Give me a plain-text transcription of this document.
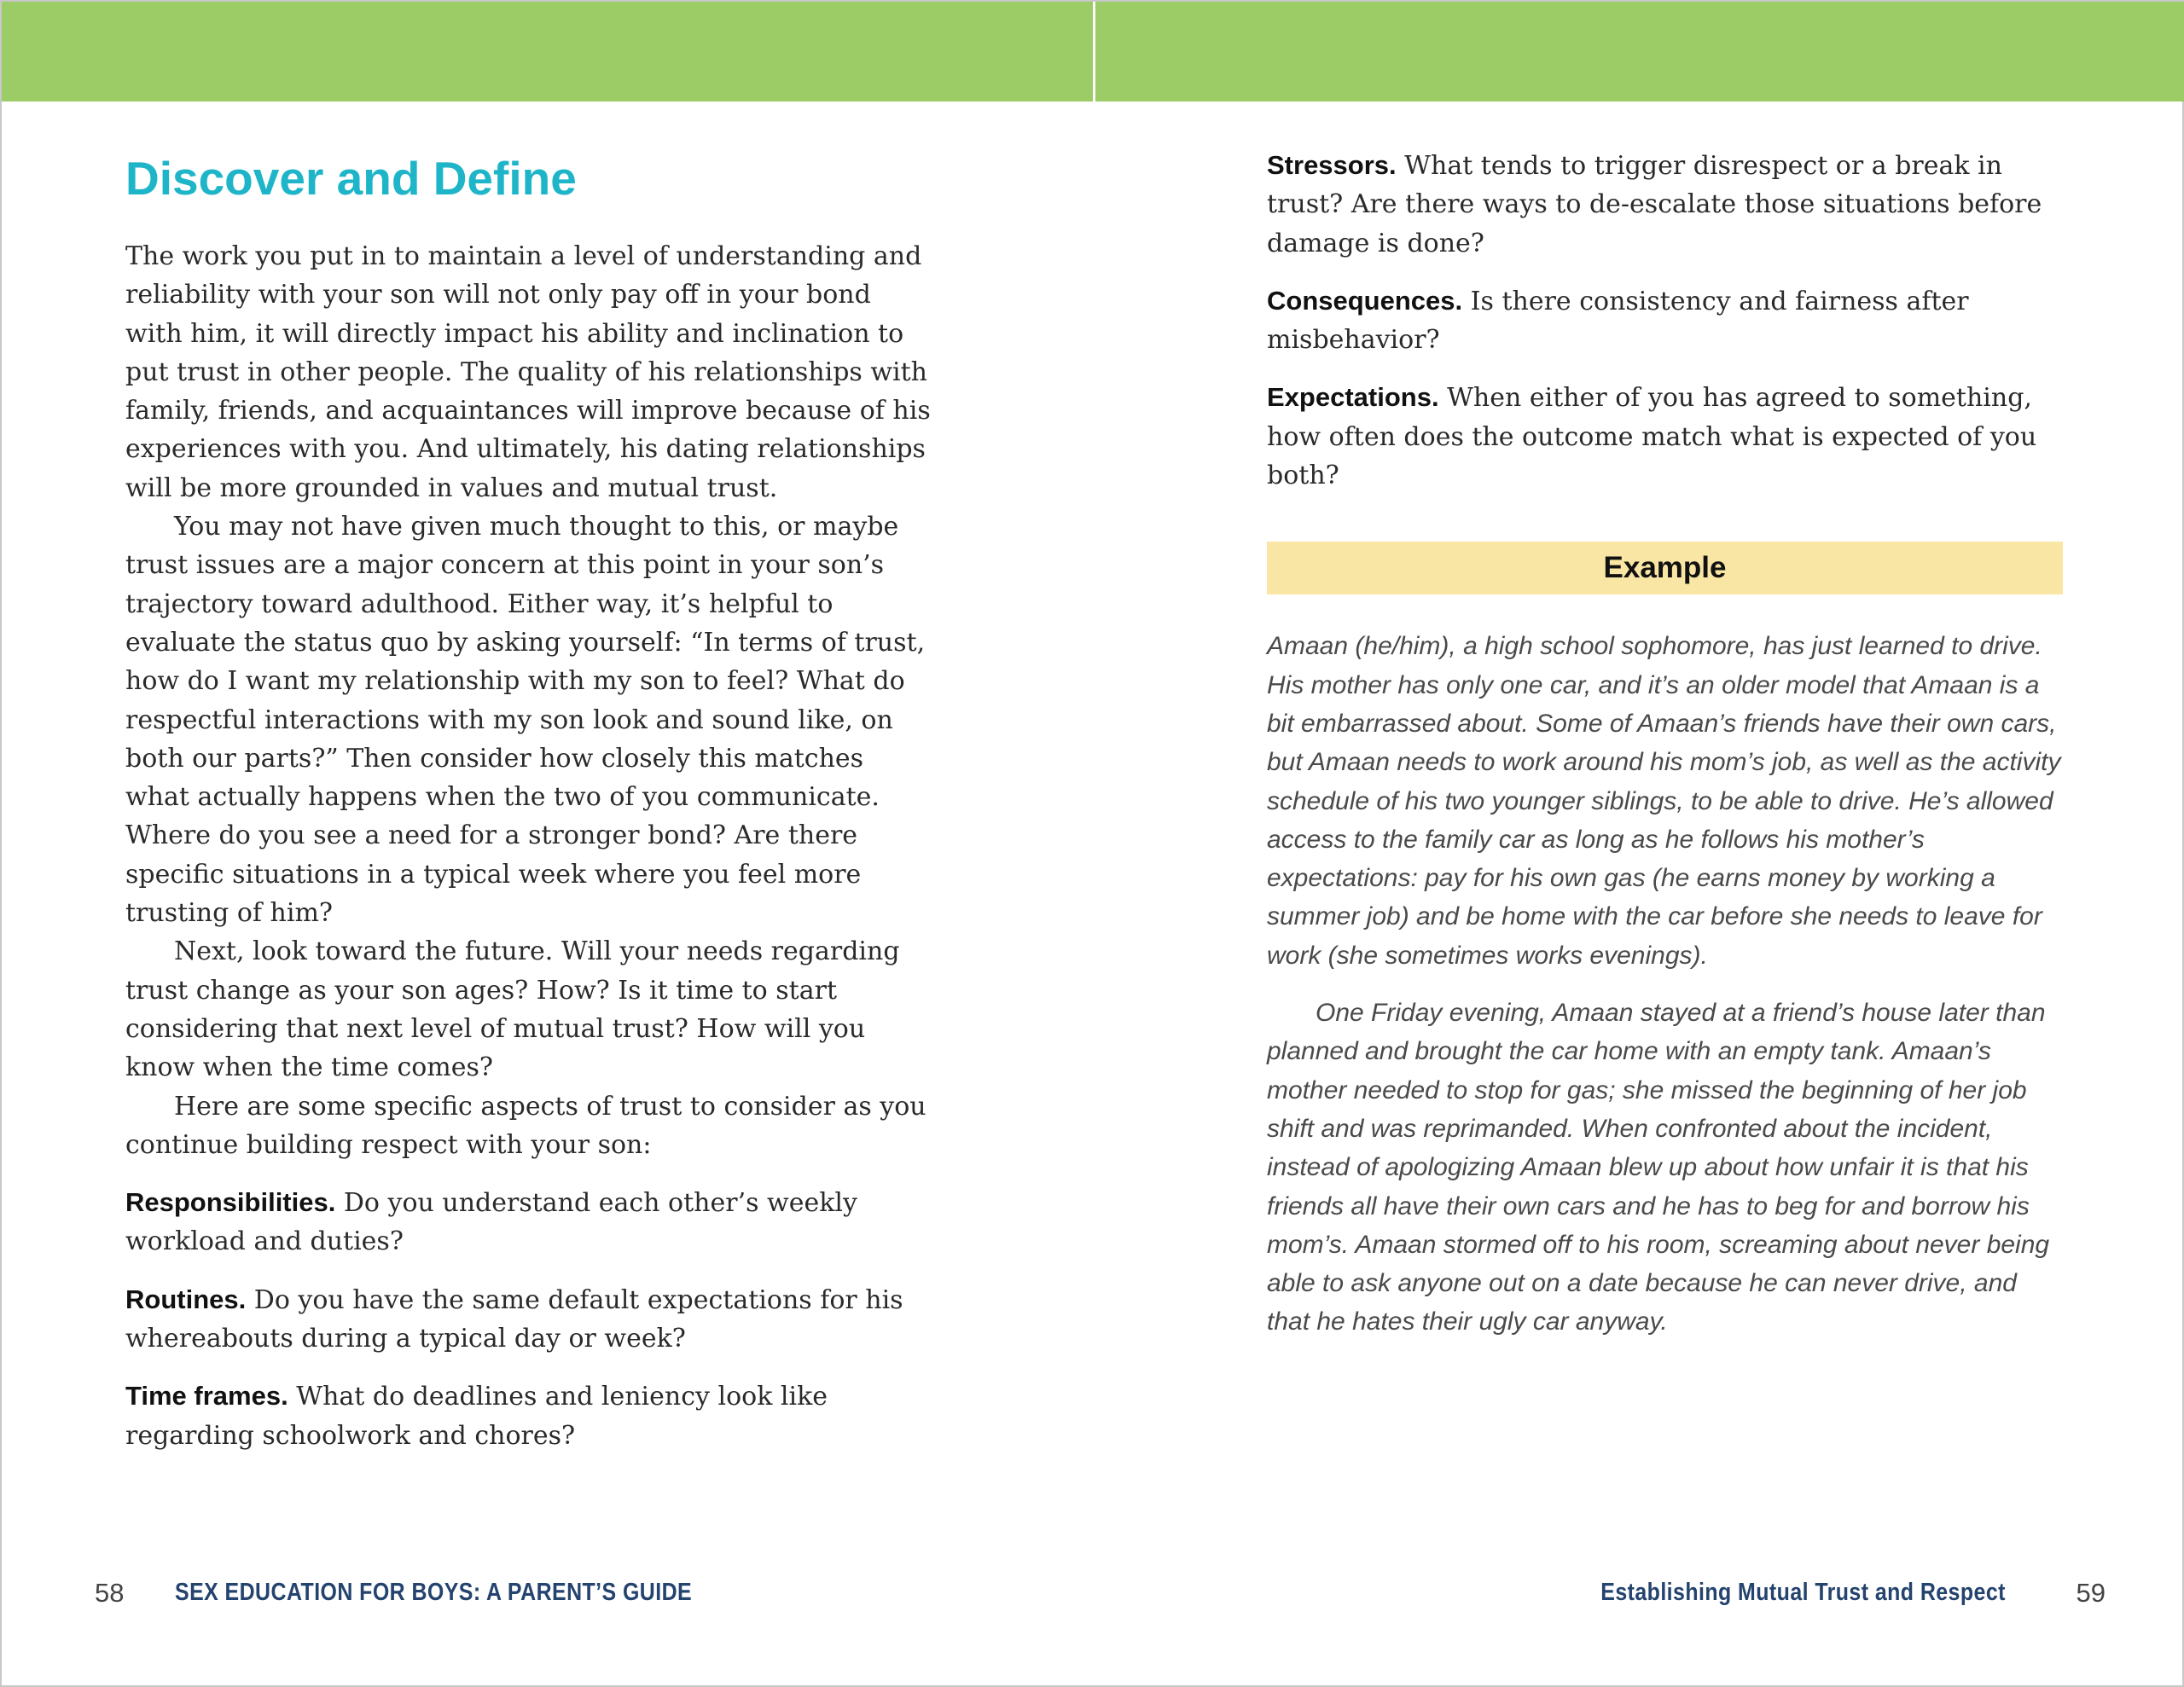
Discover and Define

The work you put in to maintain a level of understanding and reliability with your son will not only pay off in your bond with him, it will directly impact his ability and inclination to put trust in other people. The quality of his relationships with family, friends, and acquaintances will improve because of his experiences with you. And ultimately, his dating relationships will be more grounded in values and mutual trust.

You may not have given much thought to this, or maybe trust issues are a major concern at this point in your son’s trajectory toward adulthood. Either way, it’s helpful to evaluate the status quo by asking yourself: “In terms of trust, how do I want my relationship with my son to feel? What do respectful interactions with my son look and sound like, on both our parts?” Then consider how closely this matches what actually happens when the two of you communicate. Where do you see a need for a stronger bond? Are there specific situations in a typical week where you feel more trusting of him?

Next, look toward the future. Will your needs regarding trust change as your son ages? How? Is it time to start considering that next level of mutual trust? How will you know when the time comes?

Here are some specific aspects of trust to consider as you continue building respect with your son:

Responsibilities. Do you understand each other’s weekly workload and duties?

Routines. Do you have the same default expectations for his whereabouts during a typical day or week?

Time frames. What do deadlines and leniency look like regarding schoolwork and chores?

Stressors. What tends to trigger disrespect or a break in trust? Are there ways to de-escalate those situations before damage is done?

Consequences. Is there consistency and fairness after misbehavior?

Expectations. When either of you has agreed to something, how often does the outcome match what is expected of you both?

Example

Amaan (he/him), a high school sophomore, has just learned to drive. His mother has only one car, and it’s an older model that Amaan is a bit embarrassed about. Some of Amaan’s friends have their own cars, but Amaan needs to work around his mom’s job, as well as the activity schedule of his two younger siblings, to be able to drive. He’s allowed access to the family car as long as he follows his mother’s expectations: pay for his own gas (he earns money by working a summer job) and be home with the car before she needs to leave for work (she sometimes works evenings).

One Friday evening, Amaan stayed at a friend’s house later than planned and brought the car home with an empty tank. Amaan’s mother needed to stop for gas; she missed the beginning of her job shift and was reprimanded. When confronted about the incident, instead of apologizing Amaan blew up about how unfair it is that his friends all have their own cars and he has to beg for and borrow his mom’s. Amaan stormed off to his room, screaming about never being able to ask anyone out on a date because he can never drive, and that he hates their ugly car anyway.

58 SEX EDUCATION FOR BOYS: A PARENT’S GUIDE	Establishing Mutual Trust and Respect	59
